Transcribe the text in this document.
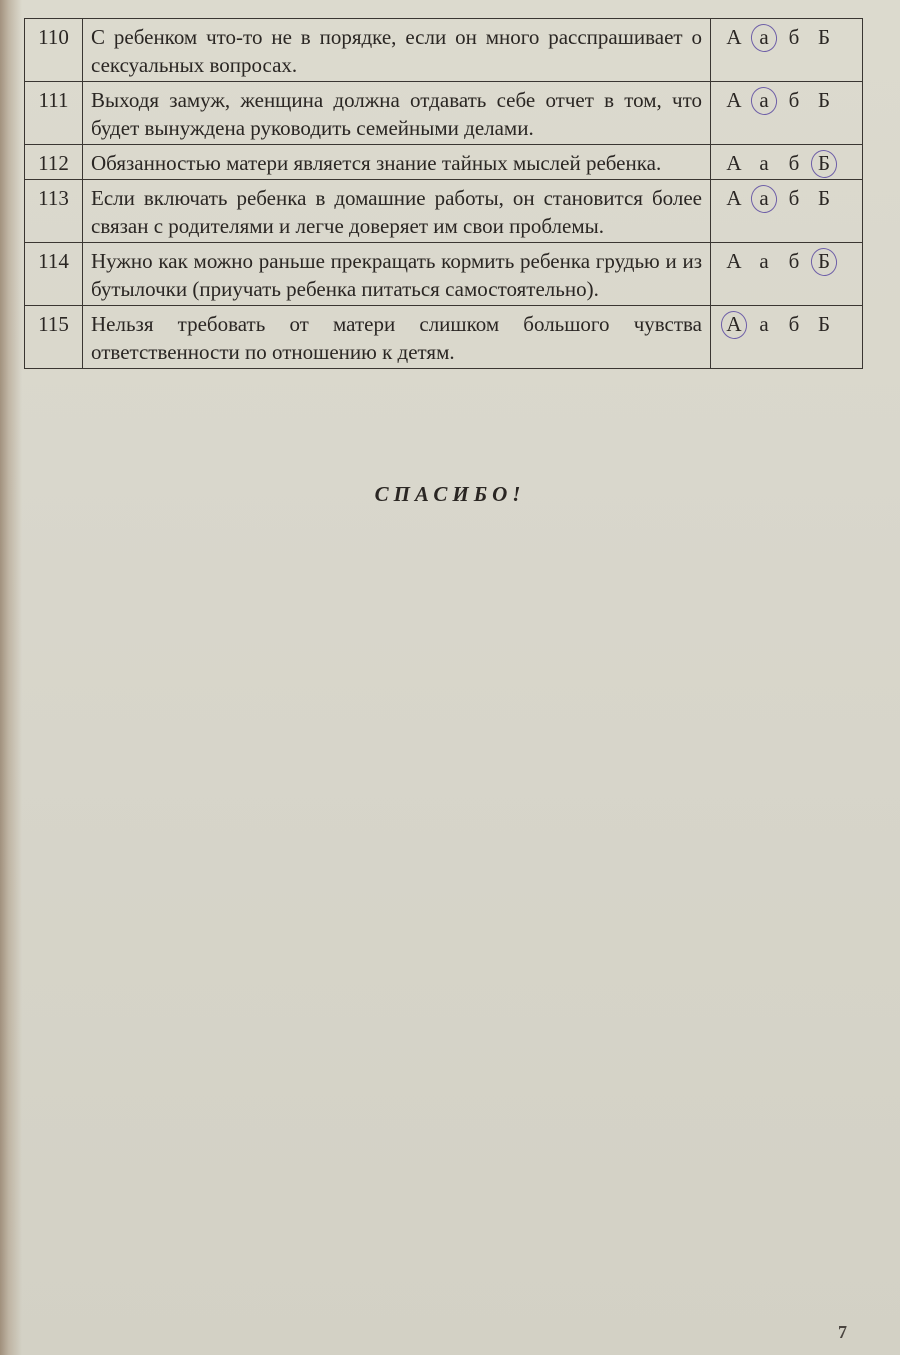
110	С ребенком что-то не в порядке, если он много расспрашивает о сексуальных вопросах.	А а б Б
111	Выходя замуж, женщина должна отдавать себе отчет в том, что будет вынуждена руководить семейными делами.	А а б Б
112	Обязанностью матери является знание тайных мыслей ребенка.	А а б Б
113	Если включать ребенка в домашние работы, он становится более связан с родителями и легче доверяет им свои проблемы.	А а б Б
114	Нужно как можно раньше прекращать кормить ребенка грудью и из бутылочки (приучать ребенка питаться самостоятельно).	А а б Б
115	Нельзя требовать от матери слишком большого чувства ответственности по отношению к детям.	А а б Б
СПАСИБО!
7
